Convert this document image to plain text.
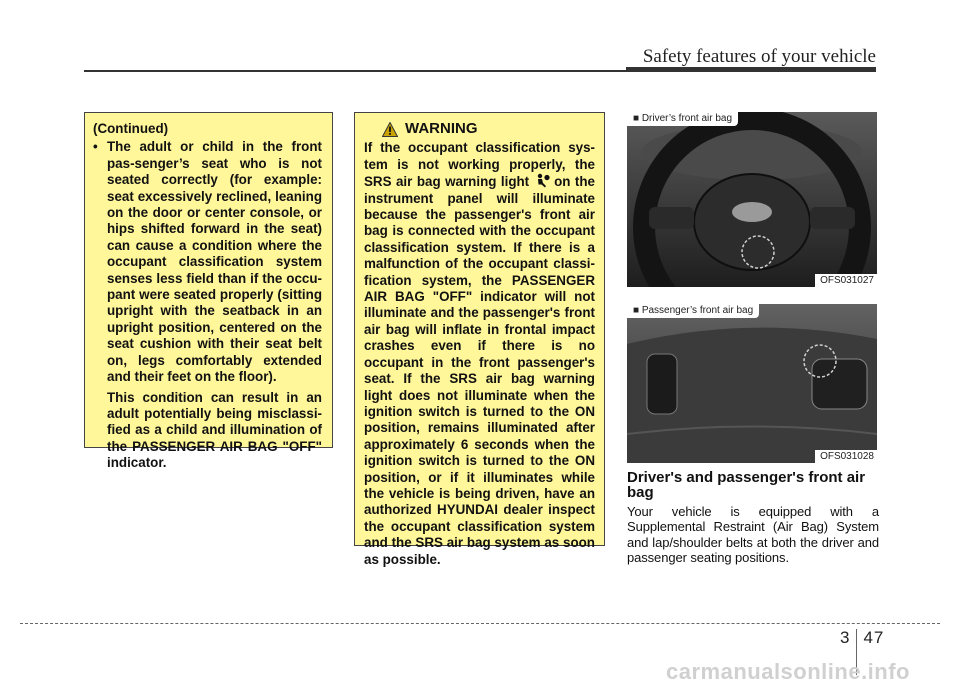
Safety features of your vehicle
(Continued)
• The adult or child in the front pas-senger’s seat who is not seated correctly (for example: seat excessively reclined, leaning on the door or center console, or hips shifted forward in the seat) can cause a condition where the occupant classification system senses less field than if the occu-pant were seated properly (sitting upright with the seatback in an upright position, centered on the seat cushion with their seat belt on, legs comfortably extended and their feet on the floor).
This condition can result in an adult potentially being misclassi-fied as a child and illumination of the PASSENGER AIR BAG "OFF" indicator.
WARNING
If the occupant classification sys-tem is not working properly, the SRS air bag warning light on the instrument panel will illuminate because the passenger's front air bag is connected with the occupant classification system. If there is a malfunction of the occupant classi-fication system, the PASSENGER AIR BAG "OFF" indicator will not illuminate and the passenger's front air bag will inflate in frontal impact crashes even if there is no occupant in the front passenger's seat. If the SRS air bag warning light does not illuminate when the ignition switch is turned to the ON position, remains illuminated after approximately 6 seconds when the ignition switch is turned to the ON position, or if it illuminates while the vehicle is being driven, have an authorized HYUNDAI dealer inspect the occupant classification system and the SRS air bag system as soon as possible.
■ Driver’s front air bag
OFS031027
■ Passenger’s front air bag
OFS031028
Driver's and passenger's front air bag
Your vehicle is equipped with a Supplemental Restraint (Air Bag) System and lap/shoulder belts at both the driver and passenger seating positions.
3 47
carmanualsonline.info
